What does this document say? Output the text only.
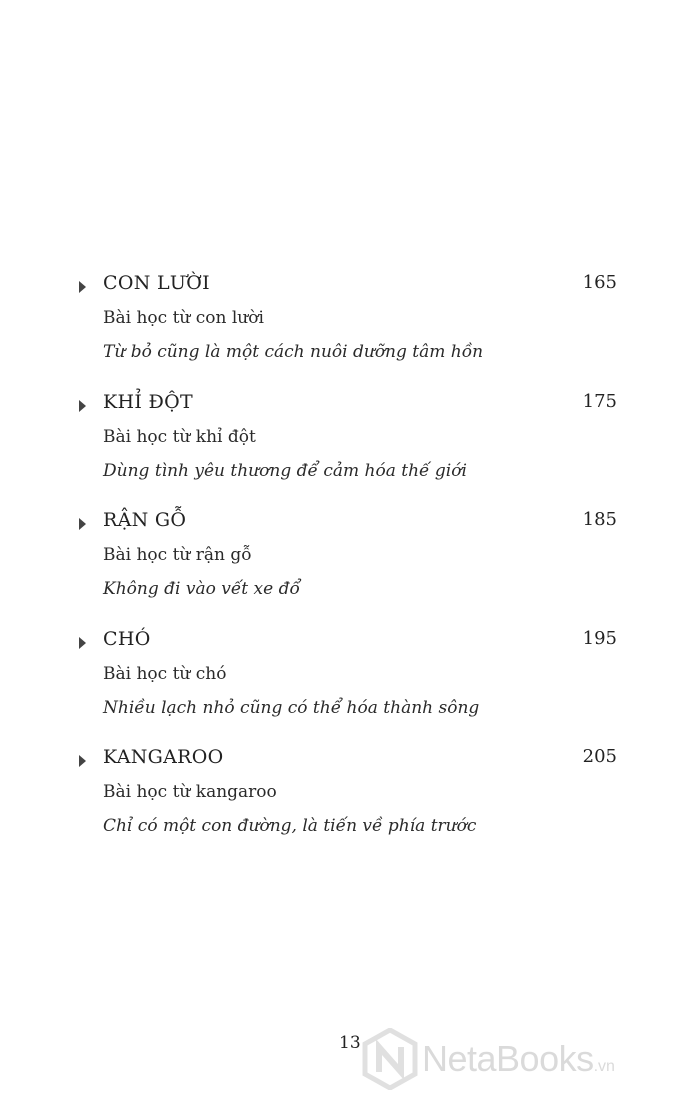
CON LƯỜI	165
Bài học từ con lười
Từ bỏ cũng là một cách nuôi dưỡng tâm hồn
KHỈ ĐỘT	175
Bài học từ khỉ đột
Dùng tình yêu thương để cảm hóa thế giới
RẬN GỖ	185
Bài học từ rận gỗ
Không đi vào vết xe đổ
CHÓ	195
Bài học từ chó
Nhiều lạch nhỏ cũng có thể hóa thành sông
KANGAROO	205
Bài học từ kangaroo
Chỉ có một con đường, là tiến về phía trước
13 NetaBooks.vn
